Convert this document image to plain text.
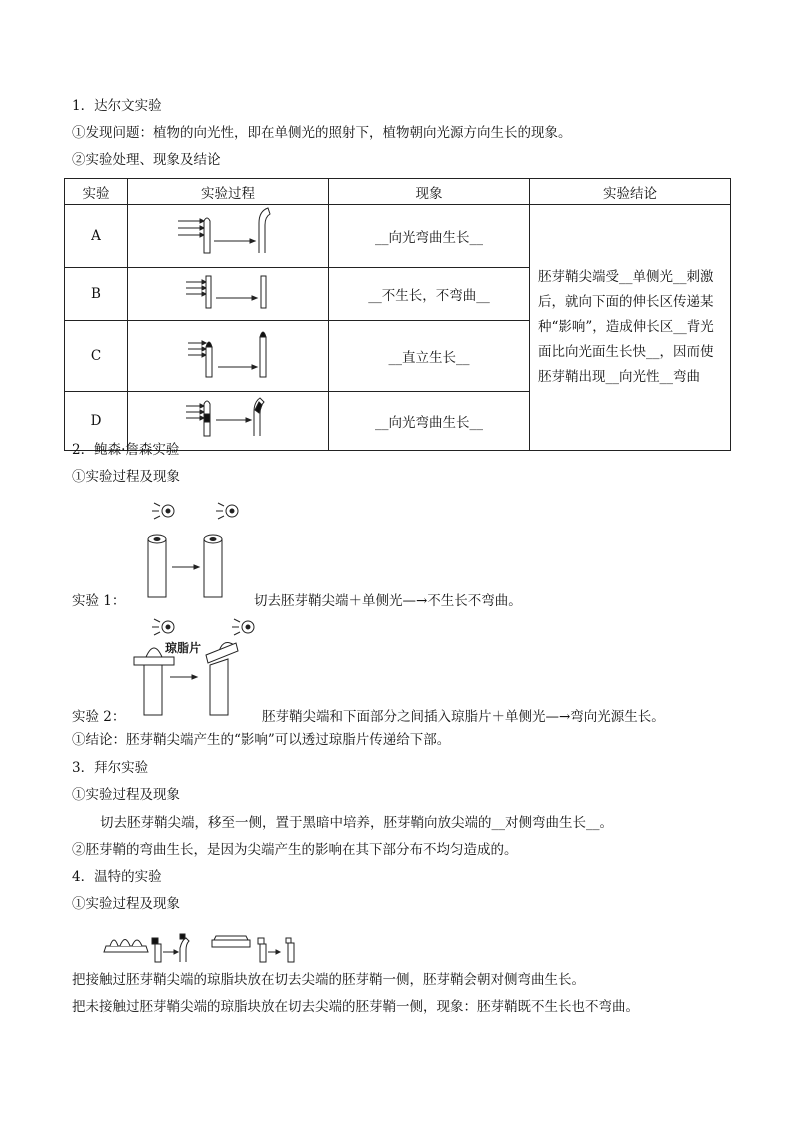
1．达尔文实验
①发现问题：植物的向光性，即在单侧光的照射下，植物朝向光源方向生长的现象。
②实验处理、现象及结论
实验	实验过程	现象	实验结论
A		__向光弯曲生长__	胚芽鞘尖端受__单侧光__刺激后，就向下面的伸长区传递某种“影响”，造成伸长区__背光面比向光面生长快__，因而使胚芽鞘出现__向光性__弯曲
B		__不生长，不弯曲__	
C		__直立生长__	
D		__向光弯曲生长__	
2．鲍森·詹森实验
①实验过程及现象
实验 1：	切去胚芽鞘尖端＋单侧光—→不生长不弯曲。
琼脂片
实验 2：	胚芽鞘尖端和下面部分之间插入琼脂片＋单侧光—→弯向光源生长。
①结论：胚芽鞘尖端产生的“影响”可以透过琼脂片传递给下部。
3．拜尔实验
①实验过程及现象
切去胚芽鞘尖端，移至一侧，置于黑暗中培养，胚芽鞘向放尖端的__对侧弯曲生长__。
②胚芽鞘的弯曲生长，是因为尖端产生的影响在其下部分布不均匀造成的。
4．温特的实验
①实验过程及现象
把接触过胚芽鞘尖端的琼脂块放在切去尖端的胚芽鞘一侧，胚芽鞘会朝对侧弯曲生长。
把未接触过胚芽鞘尖端的琼脂块放在切去尖端的胚芽鞘一侧，现象：胚芽鞘既不生长也不弯曲。
